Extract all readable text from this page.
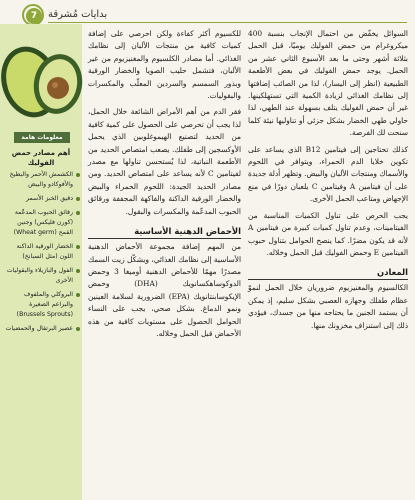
7	بدايات مُشرقة
معلومات هامة
أهم مصادر حمض الفوليك
الكشمش الأحمر والبطيخ والأفوكادو والبيض
دقيق الخبز الأسمر
رقائق الحبوب المدعّمة (كورن فليكس) وجنين القمح (Wheat germ)
الخضار الورقية الداكنة اللون (مثل السبانخ)
الفول والبازيلاء والبقوليات الأخرى
البروكلي والملفوف والبراعم الصغيرة (Brussels Sprouts)
عصير البرتقال والحمضيات

السوائل يخفّض من احتمال الإنجاب بنسبة 400 ميكروغرام من حمض الفوليك يوميًا، قبل الحمل بثلاثة أشهر وحتى ما بعد الأسبوع الثاني عشر من الحمل. يوجد حمض الفوليك في بعض الأطعمة الطبيعية (انظر إلى اليسار)، لذا من الصائب إضافتها إلى نظامك الغذائي لزيادة الكمية التي تستهلكينها. غير أن حمض الفوليك يتلف بسهولة عند الطهي، لذا حاولي طهي الخضار بشكل جزئي أو تناوليها نيئة كلما سنحت لك الفرصة.

كذلك تحتاجين إلى فيتامين B12 الذي يساعد على تكوين خلايا الدم الحمراء، ويتوافر في اللحوم والأسماك ومنتجات الألبان والبيض. وتظهر أدلة جديدة على أن فيتامين A وفيتامين C يلعبان دورًا في منع الإجهاض ومتاعب الحمل الأخرى.

يجب الحرص على تناول الكميات المناسبة من الفيتامينات، وعدم تناول كميات كبيرة من فيتامين A لأنه قد يكون مضرًا. كما ينصح الحوامل بتناول حبوب الفيتامين E وحمض الفوليك قبل الحمل وخلاله.

المعادن

الكالسيوم والمغنيزيوم ضروريان خلال الحمل لنموّ عظام طفلك وجهازه العصبي بشكل سليم، إذ يمكن أن يستمد الجنين ما يحتاجه منها من جسدك، فيؤدي ذلك إلى استنزاف مخزونك منها.

للكسيوم أكثر كفاءة ولكن احرصي على إضافة كميات كافية من منتجات الألبان إلى نظامك الغذائي. أما مصادر الكلسيوم والمغنيزيوم من غير الألبان، فتشمل حليب الصويا والخضار الورقية وبذور السمسم والسردين المعلّب والمكسرات والبقوليات.

فقر الدم من أهم الأمراض الشائعة خلال الحمل، لذا يجب أن تحرصي على الحصول على كمية كافية من الحديد لتصنيع الهيموغلوبين الذي يحمل الأوكسجين إلى طفلك. يصعب امتصاص الحديد من الأطعمة النباتية، لذا يُستحسن تناولها مع مصدر لفيتامين C لأنه يساعد على امتصاص الحديد. ومن مصادر الحديد الجيدة: اللحوم الحمراء والبيض والخضار الورقية الداكنة والفاكهة المجففة ورقائق الحبوب المدعّمة والمكسرات والبقول.

الأحماض الدهنية الأساسية

من المهم إضافة مجموعة الأحماض الدهنية الأساسية إلى نظامك الغذائي، ويشكّل زيت السمك مصدرًا مهمًا للأحماض الدهنية أوميغا 3 وحمض الدوكوساهكسانويك (DHA) وحمض الإيكوسابنتانويك (EPA) الضرورية لسلامة العينين ونمو الدماغ. بشكل صحي، يجب على النساء الحوامل الحصول على مستويات كافية من هذه الأحماض قبل الحمل وخلاله.
